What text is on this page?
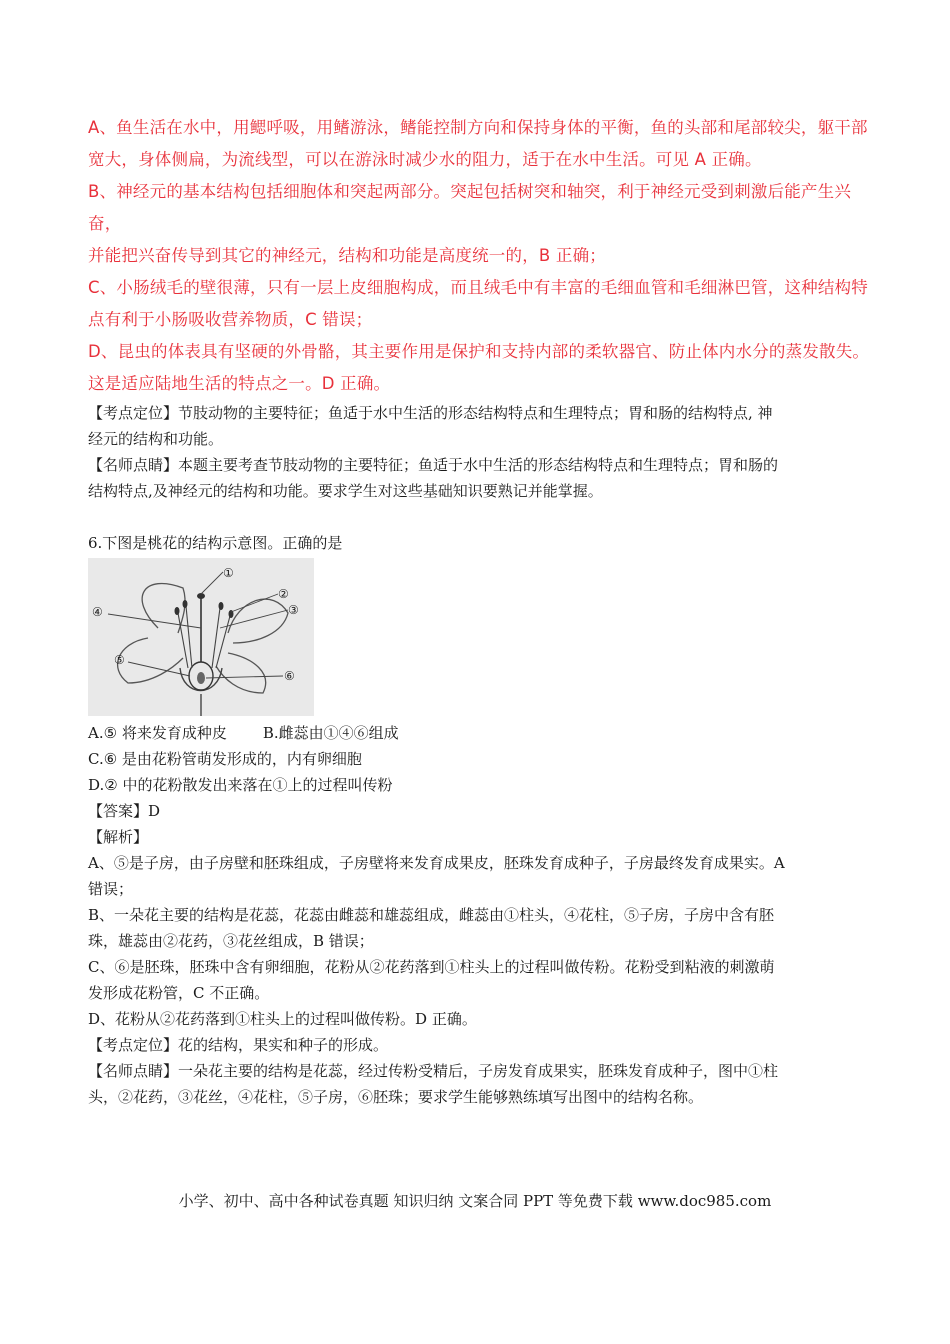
A、鱼生活在水中，用鳃呼吸，用鳍游泳，鳍能控制方向和保持身体的平衡，鱼的头部和尾部较尖，躯干部

宽大，身体侧扁，为流线型，可以在游泳时减少水的阻力，适于在水中生活。可见 A 正确。

B、神经元的基本结构包括细胞体和突起两部分。突起包括树突和轴突，利于神经元受到刺激后能产生兴奋，

并能把兴奋传导到其它的神经元，结构和功能是高度统一的，B 正确；

C、小肠绒毛的壁很薄，只有一层上皮细胞构成，而且绒毛中有丰富的毛细血管和毛细淋巴管，这种结构特

点有利于小肠吸收营养物质，C 错误；

D、昆虫的体表具有坚硬的外骨骼，其主要作用是保护和支持内部的柔软器官、防止体内水分的蒸发散失。

这是适应陆地生活的特点之一。D 正确。

【考点定位】节肢动物的主要特征；鱼适于水中生活的形态结构特点和生理特点；胃和肠的结构特点, 神

经元的结构和功能。

【名师点睛】本题主要考查节肢动物的主要特征；鱼适于水中生活的形态结构特点和生理特点；胃和肠的

结构特点,及神经元的结构和功能。要求学生对这些基础知识要熟记并能掌握。

6.下图是桃花的结构示意图。正确的是

①
②
③
④
⑤
⑥

A.⑤ 将来发育成种皮 B.雌蕊由①④⑥组成

C.⑥ 是由花粉管萌发形成的，内有卵细胞

D.② 中的花粉散发出来落在①上的过程叫传粉

【答案】D

【解析】

A、⑤是子房，由子房壁和胚珠组成，子房壁将来发育成果皮，胚珠发育成种子，子房最终发育成果实。A

错误；

B、一朵花主要的结构是花蕊，花蕊由雌蕊和雄蕊组成，雌蕊由①柱头，④花柱，⑤子房，子房中含有胚

珠，雄蕊由②花药，③花丝组成，B 错误；

C、⑥是胚珠，胚珠中含有卵细胞，花粉从②花药落到①柱头上的过程叫做传粉。花粉受到粘液的刺激萌

发形成花粉管，C 不正确。

D、花粉从②花药落到①柱头上的过程叫做传粉。D 正确。

【考点定位】花的结构，果实和种子的形成。

【名师点睛】一朵花主要的结构是花蕊，经过传粉受精后，子房发育成果实，胚珠发育成种子，图中①柱

头，②花药，③花丝，④花柱，⑤子房，⑥胚珠；要求学生能够熟练填写出图中的结构名称。

小学、初中、高中各种试卷真题 知识归纳 文案合同 PPT 等免费下载 www.doc985.com
